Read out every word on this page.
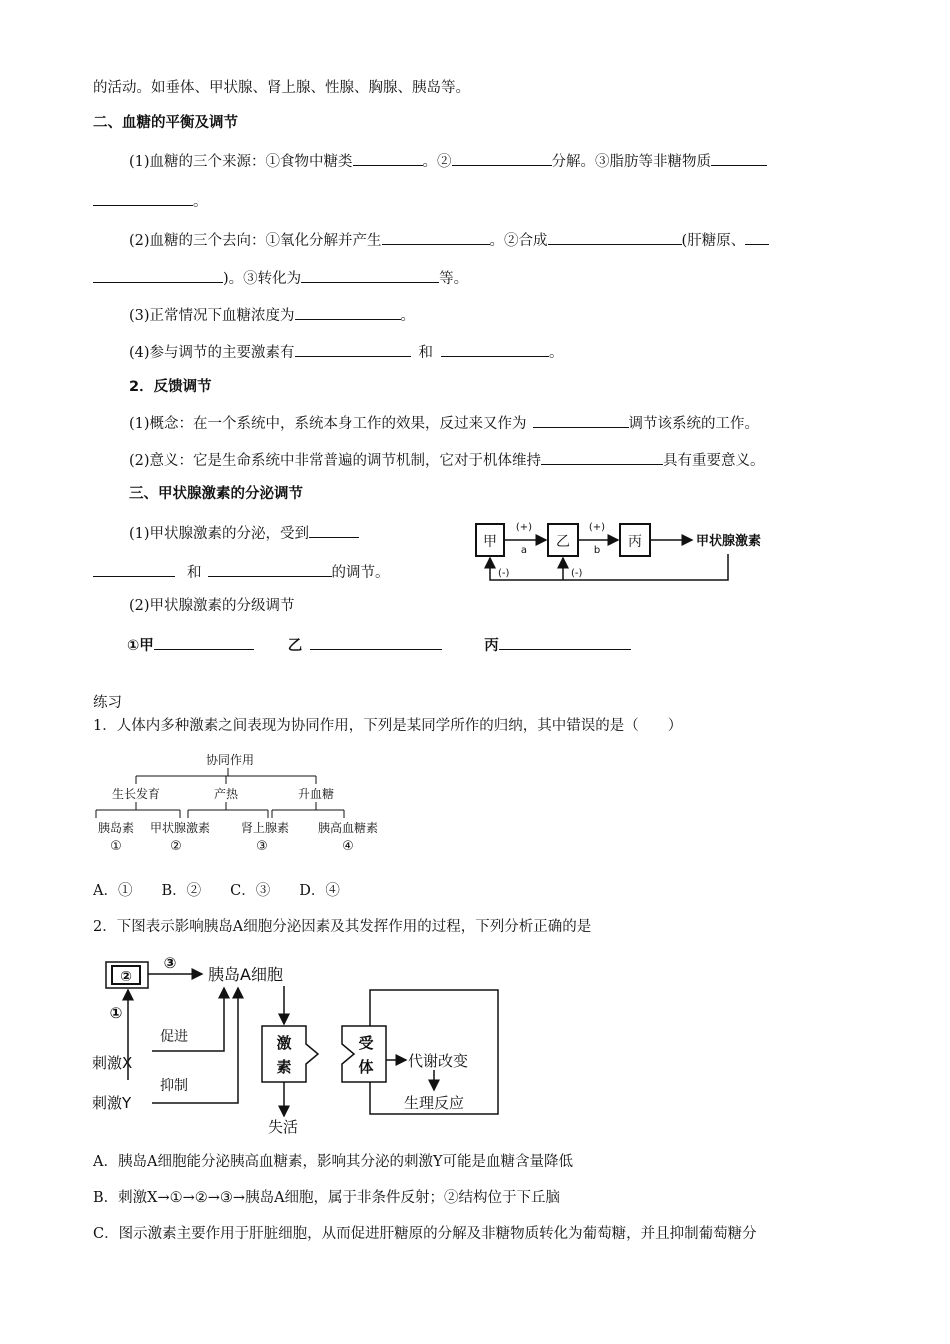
的活动。如垂体、甲状腺、肾上腺、性腺、胸腺、胰岛等。
二、血糖的平衡及调节
(1)血糖的三个来源：①食物中糖类	。②	分解。③脂肪等非糖物质
。
(2)血糖的三个去向：①氧化分解并产生	。②合成	(肝糖原、
)。③转化为	等。
(3)正常情况下血糖浓度为	。
(4)参与调节的主要激素有	和	。
2．反馈调节
(1)概念：在一个系统中，系统本身工作的效果，反过来又作为	调节该系统的工作。
(2)意义：它是生命系统中非常普遍的调节机制，它对于机体维持	具有重要意义。
三、甲状腺激素的分泌调节
(1)甲状腺激素的分泌，受到
和	的调节。
(2)甲状腺激素的分级调节
①甲	乙	丙
甲	乙	丙
(+)
a
(+)
b
甲状腺激素
(-)	(-)
练习
1．人体内多种激素之间表现为协同作用，下列是某同学所作的归纳，其中错误的是（　　）
协同作用
生长发育	产热	升血糖
胰岛素 甲状腺激素	肾上腺素 胰高血糖素
①	②	③	④
A．①　　B．②　　C．③　　D．④
2．下图表示影响胰岛A细胞分泌因素及其发挥作用的过程，下列分析正确的是
②
③
胰岛A细胞
①
刺激X
刺激Y
促进
抑制
激
素
失活
受
体 代谢改变
生理反应
A．胰岛A细胞能分泌胰高血糖素，影响其分泌的刺激Y可能是血糖含量降低
B．刺激X→①→②→③→胰岛A细胞，属于非条件反射；②结构位于下丘脑
C．图示激素主要作用于肝脏细胞，从而促进肝糖原的分解及非糖物质转化为葡萄糖，并且抑制葡萄糖分
